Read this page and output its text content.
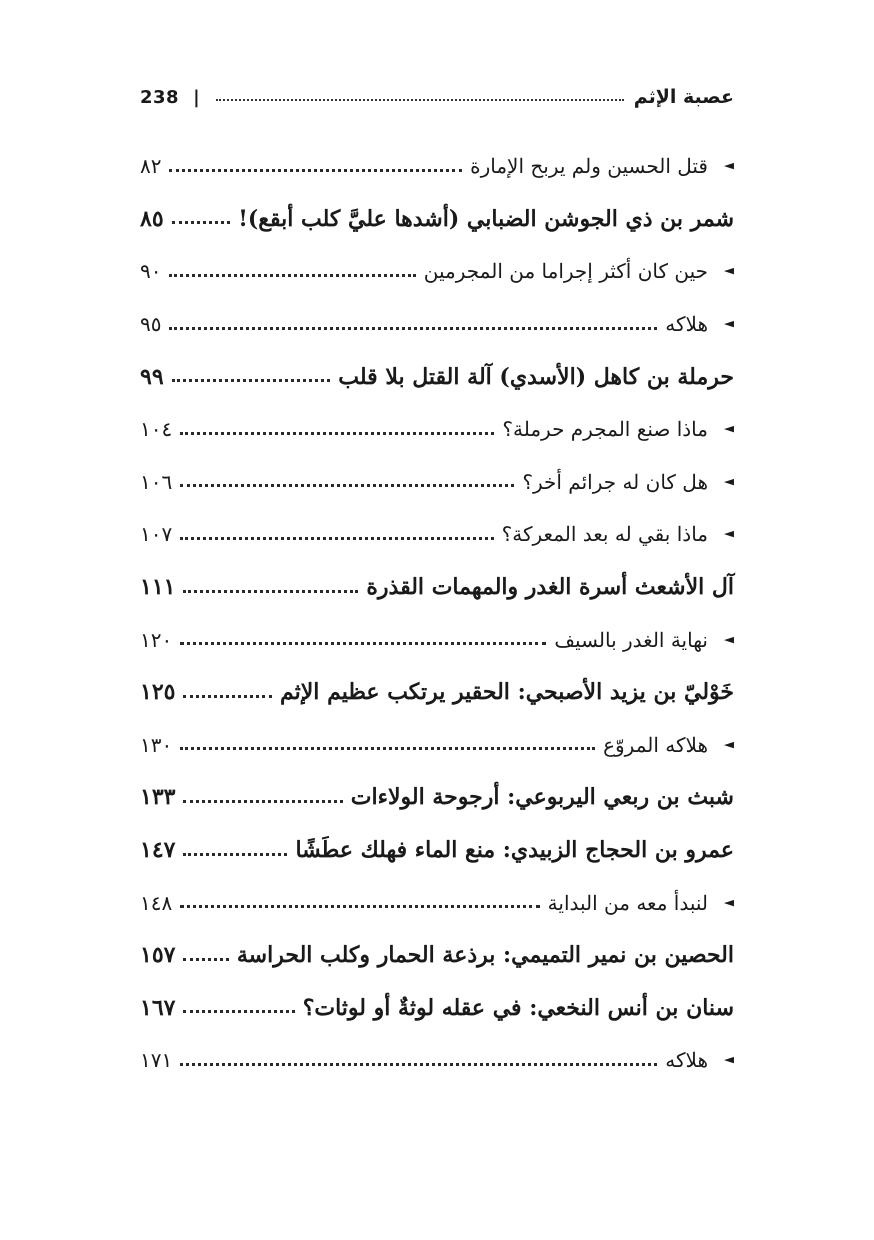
238 |	عصبة الإثم
قتل الحسين ولم يربح الإمارة ◄
٨٢
شمر بن ذي الجوشن الضبابي (أشدها عليَّ كلب أبقع)!
٨٥
حين كان أكثر إجراما من المجرمين ◄
٩٠
هلاكه ◄
٩٥
حرملة بن كاهل (الأسدي) آلة القتل بلا قلب
٩٩
ماذا صنع المجرم حرملة؟ ◄
١٠٤
هل كان له جرائم أخر؟ ◄
١٠٦
ماذا بقي له بعد المعركة؟ ◄
١٠٧
آل الأشعث أسرة الغدر والمهمات القذرة
١١١
نهاية الغدر بالسيف ◄
١٢٠
خَوْليّ بن يزيد الأصبحي: الحقير يرتكب عظيم الإثم
١٢٥
هلاكه المروّع ◄
١٣٠
شبث بن ربعي اليربوعي: أرجوحة الولاءات
١٣٣
عمرو بن الحجاج الزبيدي: منع الماء فهلك عطَشًا
١٤٧
لنبدأ معه من البداية ◄
١٤٨
الحصين بن نمير التميمي: برذعة الحمار وكلب الحراسة
١٥٧
سنان بن أنس النخعي: في عقله لوثةٌ أو لوثات؟
١٦٧
هلاكه ◄
١٧١
